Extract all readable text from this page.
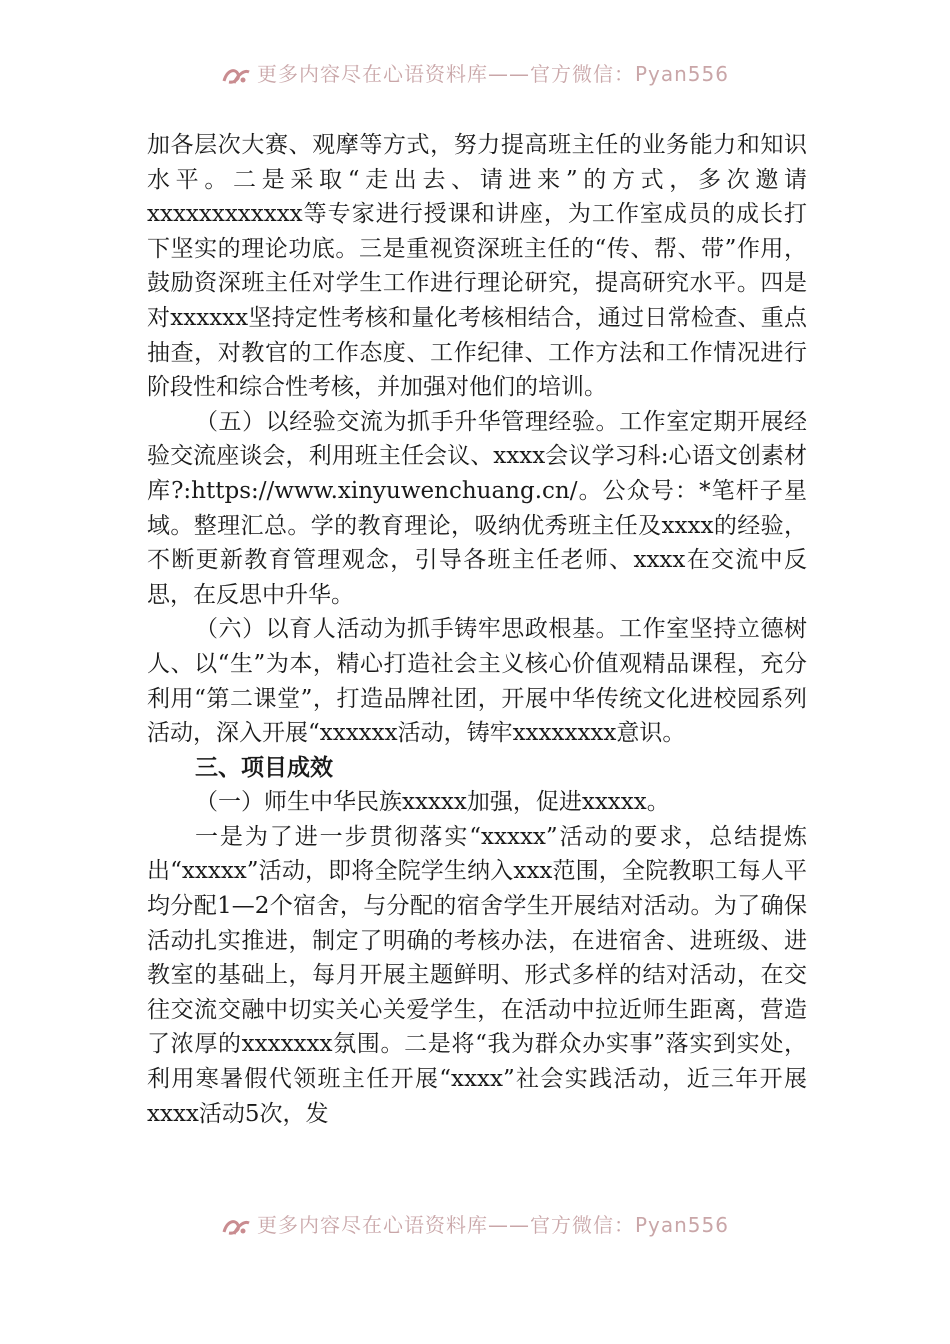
更多内容尽在心语资料库——官方微信：Pyan556

加各层次大赛、观摩等方式，努力提高班主任的业务能力和知识水平。二是采取“走出去、请进来”的方式，多次邀请xxxxxxxxxxxx等专家进行授课和讲座，为工作室成员的成长打下坚实的理论功底。三是重视资深班主任的“传、帮、带”作用，鼓励资深班主任对学生工作进行理论研究，提高研究水平。四是对xxxxxx坚持定性考核和量化考核相结合，通过日常检查、重点抽查，对教官的工作态度、工作纪律、工作方法和工作情况进行阶段性和综合性考核，并加强对他们的培训。

（五）以经验交流为抓手升华管理经验。工作室定期开展经验交流座谈会，利用班主任会议、xxxx会议学习科:心语文创素材库?:https://www.xinyuwenchuang.cn/。公众号：*笔杆子星域。整理汇总。学的教育理论，吸纳优秀班主任及xxxx的经验，不断更新教育管理观念，引导各班主任老师、xxxx在交流中反思，在反思中升华。

（六）以育人活动为抓手铸牢思政根基。工作室坚持立德树人、以“生”为本，精心打造社会主义核心价值观精品课程，充分利用“第二课堂”，打造品牌社团，开展中华传统文化进校园系列活动，深入开展“xxxxxx活动，铸牢xxxxxxxx意识。

三、项目成效

（一）师生中华民族xxxxx加强，促进xxxxx。

一是为了进一步贯彻落实“xxxxx”活动的要求，总结提炼出“xxxxx”活动，即将全院学生纳入xxx范围，全院教职工每人平均分配1—2个宿舍，与分配的宿舍学生开展结对活动。为了确保活动扎实推进，制定了明确的考核办法，在进宿舍、进班级、进教室的基础上，每月开展主题鲜明、形式多样的结对活动，在交往交流交融中切实关心关爱学生，在活动中拉近师生距离，营造了浓厚的xxxxxxx氛围。二是将“我为群众办实事”落实到实处，利用寒暑假代领班主任开展“xxxx”社会实践活动，近三年开展xxxx活动5次，发

更多内容尽在心语资料库——官方微信：Pyan556
